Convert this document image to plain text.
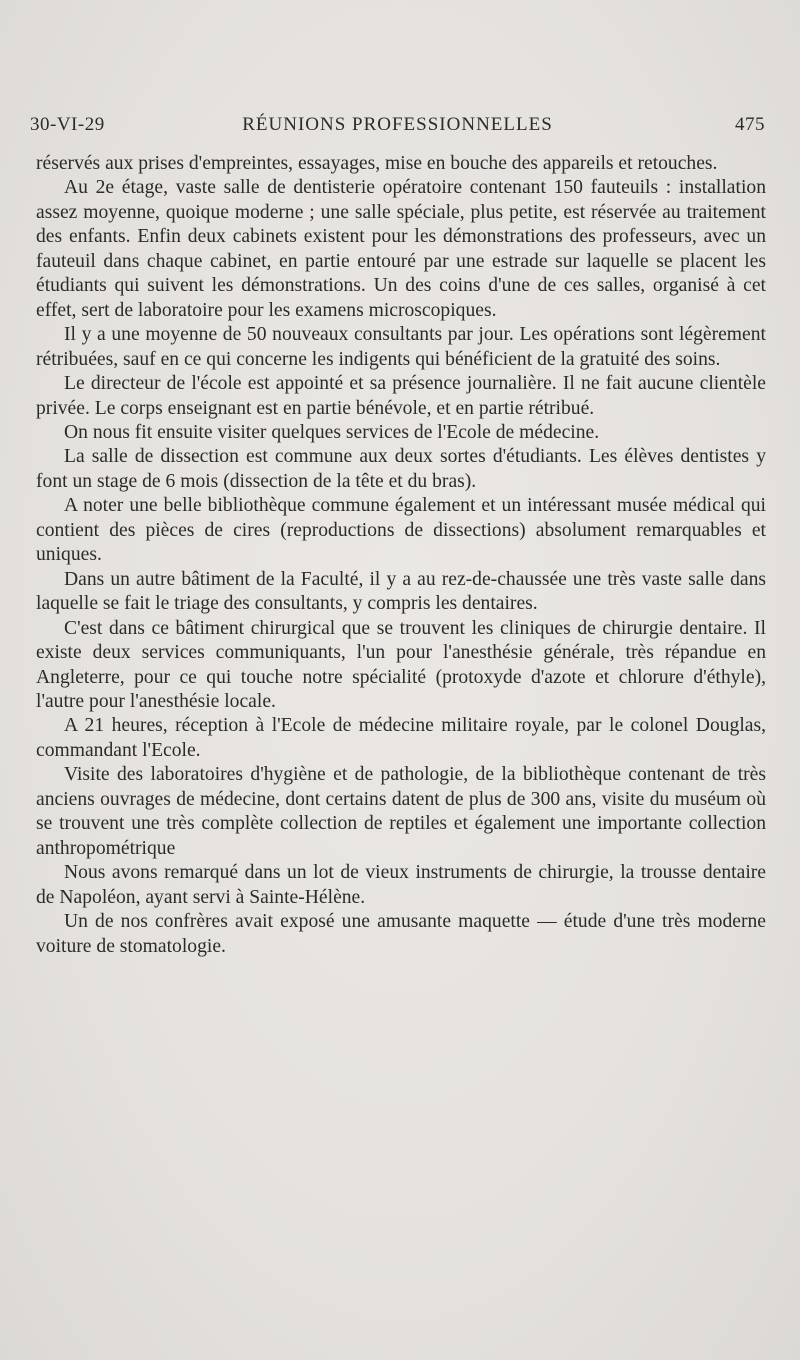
30-VI-29	RÉUNIONS PROFESSIONNELLES	475

réservés aux prises d'empreintes, essayages, mise en bouche des appareils et retouches.

Au 2e étage, vaste salle de dentisterie opératoire contenant 150 fauteuils : installation assez moyenne, quoique moderne ; une salle spéciale, plus petite, est réservée au traitement des enfants. Enfin deux cabinets existent pour les démonstrations des professeurs, avec un fauteuil dans chaque cabinet, en partie entouré par une estrade sur laquelle se placent les étudiants qui suivent les démonstrations. Un des coins d'une de ces salles, organisé à cet effet, sert de laboratoire pour les examens microscopiques.

Il y a une moyenne de 50 nouveaux consultants par jour. Les opérations sont légèrement rétribuées, sauf en ce qui concerne les indigents qui bénéficient de la gratuité des soins.

Le directeur de l'école est appointé et sa présence journalière. Il ne fait aucune clientèle privée. Le corps enseignant est en partie bénévole, et en partie rétribué.

On nous fit ensuite visiter quelques services de l'Ecole de médecine.

La salle de dissection est commune aux deux sortes d'étudiants. Les élèves dentistes y font un stage de 6 mois (dissection de la tête et du bras).

A noter une belle bibliothèque commune également et un intéressant musée médical qui contient des pièces de cires (reproductions de dissections) absolument remarquables et uniques.

Dans un autre bâtiment de la Faculté, il y a au rez-de-chaussée une très vaste salle dans laquelle se fait le triage des consultants, y compris les dentaires.

C'est dans ce bâtiment chirurgical que se trouvent les cliniques de chirurgie dentaire. Il existe deux services communiquants, l'un pour l'anesthésie générale, très répandue en Angleterre, pour ce qui touche notre spécialité (protoxyde d'azote et chlorure d'éthyle), l'autre pour l'anesthésie locale.

A 21 heures, réception à l'Ecole de médecine militaire royale, par le colonel Douglas, commandant l'Ecole.

Visite des laboratoires d'hygiène et de pathologie, de la bibliothèque contenant de très anciens ouvrages de médecine, dont certains datent de plus de 300 ans, visite du muséum où se trouvent une très complète collection de reptiles et également une importante collection anthropométrique

Nous avons remarqué dans un lot de vieux instruments de chirurgie, la trousse dentaire de Napoléon, ayant servi à Sainte-Hélène.

Un de nos confrères avait exposé une amusante maquette — étude d'une très moderne voiture de stomatologie.
